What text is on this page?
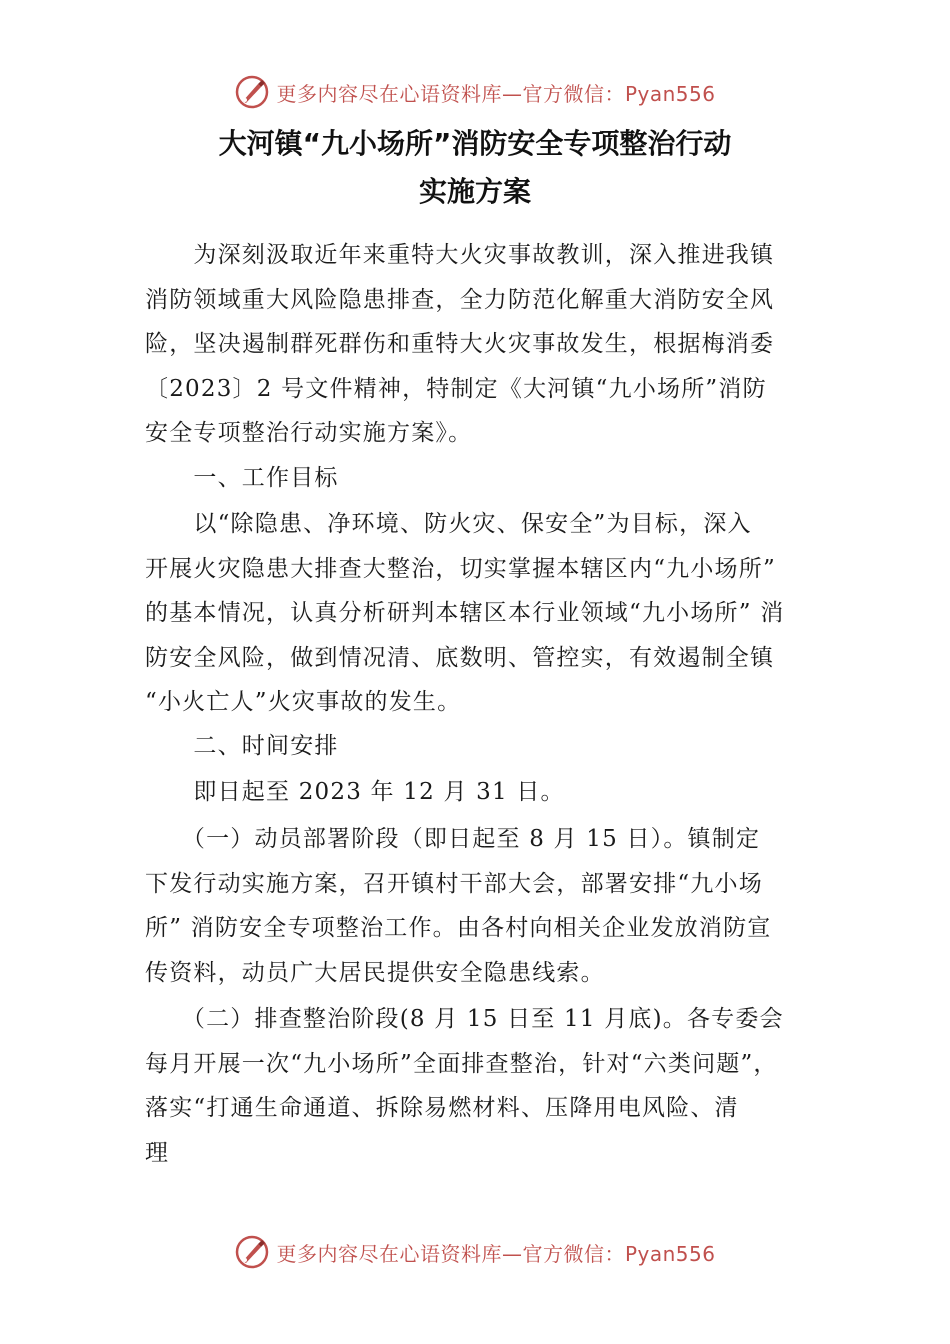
更多内容尽在心语资料库—官方微信：Pyan556
大河镇“九小场所”消防安全专项整治行动
实施方案
　　为深刻汲取近年来重特大火灾事故教训，深入推进我镇
消防领域重大风险隐患排查，全力防范化解重大消防安全风
险，坚决遏制群死群伤和重特大火灾事故发生，根据梅消委
〔2023〕2 号文件精神，特制定《大河镇“九小场所”消防
安全专项整治行动实施方案》。
　　一、工作目标
　　以“除隐患、净环境、防火灾、保安全”为目标，深入
开展火灾隐患大排查大整治，切实掌握本辖区内“九小场所”
的基本情况，认真分析研判本辖区本行业领域“九小场所” 消
防安全风险，做到情况清、底数明、管控实，有效遏制全镇
“小火亡人”火灾事故的发生。
　　二、时间安排
　　即日起至 2023 年 12 月 31 日。
　　（一）动员部署阶段（即日起至 8 月 15 日）。镇制定
下发行动实施方案，召开镇村干部大会，部署安排“九小场
所” 消防安全专项整治工作。由各村向相关企业发放消防宣
传资料，动员广大居民提供安全隐患线索。
　　（二）排查整治阶段(8 月 15 日至 11 月底)。各专委会
每月开展一次“九小场所”全面排查整治，针对“六类问题”，
落实“打通生命通道、拆除易燃材料、压降用电风险、清
理
更多内容尽在心语资料库—官方微信：Pyan556
